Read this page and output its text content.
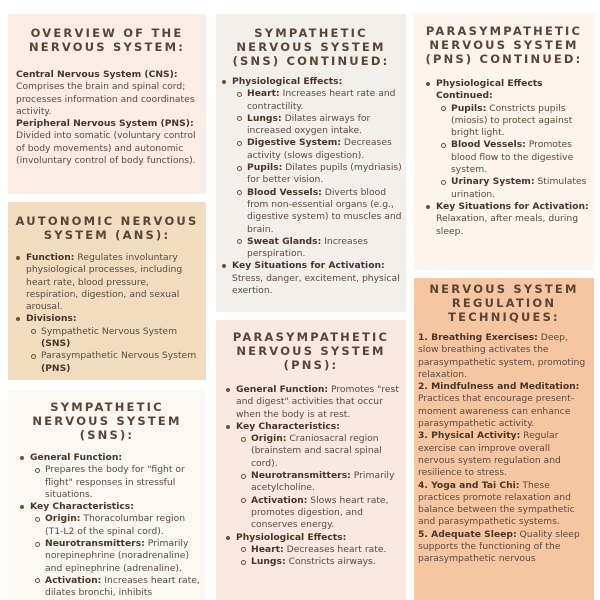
OVERVIEW OF THE NERVOUS SYSTEM:

Central Nervous System (CNS):

Comprises the brain and spinal cord; processes information and coordinates activity.

Peripheral Nervous System (PNS):

Divided into somatic (voluntary control of body movements) and autonomic (involuntary control of body functions).

AUTONOMIC NERVOUS SYSTEM (ANS):
Function: Regulates involuntary physiological processes, including heart rate, blood pressure, respiration, digestion, and sexual arousal.
Divisions:
Sympathetic Nervous System (SNS)
Parasympathetic Nervous System (PNS)
SYMPATHETIC NERVOUS SYSTEM (SNS):
General Function:
Prepares the body for "fight or flight" responses in stressful situations.
Key Characteristics:
Origin: Thoracolumbar region (T1-L2 of the spinal cord).
Neurotransmitters: Primarily norepinephrine (noradrenaline) and epinephrine (adrenaline).
Activation: Increases heart rate, dilates bronchi, inhibits
SYMPATHETIC NERVOUS SYSTEM (SNS) CONTINUED:
Physiological Effects:
Heart: Increases heart rate and contractility.
Lungs: Dilates airways for increased oxygen intake.
Digestive System: Decreases activity (slows digestion).
Pupils: Dilates pupils (mydriasis) for better vision.
Blood Vessels: Diverts blood from non-essential organs (e.g., digestive system) to muscles and brain.
Sweat Glands: Increases perspiration.
Key Situations for Activation: Stress, danger, excitement, physical exertion.
PARASYMPATHETIC NERVOUS SYSTEM (PNS):
General Function: Promotes "rest and digest" activities that occur when the body is at rest.
Key Characteristics:
Origin: Craniosacral region (brainstem and sacral spinal cord).
Neurotransmitters: Primarily acetylcholine.
Activation: Slows heart rate, promotes digestion, and conserves energy.
Physiological Effects:
Heart: Decreases heart rate.
Lungs: Constricts airways.
PARASYMPATHETIC NERVOUS SYSTEM (PNS) CONTINUED:
Physiological Effects Continued:
Pupils: Constricts pupils (miosis) to protect against bright light.
Blood Vessels: Promotes blood flow to the digestive system.
Urinary System: Stimulates urination.
Key Situations for Activation: Relaxation, after meals, during sleep.
NERVOUS SYSTEM REGULATION TECHNIQUES:

1. Breathing Exercises: Deep, slow breathing activates the parasympathetic system, promoting relaxation.

2. Mindfulness and Meditation: Practices that encourage present-moment awareness can enhance parasympathetic activity.

3. Physical Activity: Regular exercise can improve overall nervous system regulation and resilience to stress.

4. Yoga and Tai Chi: These practices promote relaxation and balance between the sympathetic and parasympathetic systems.

5. Adequate Sleep: Quality sleep supports the functioning of the parasympathetic nervous
